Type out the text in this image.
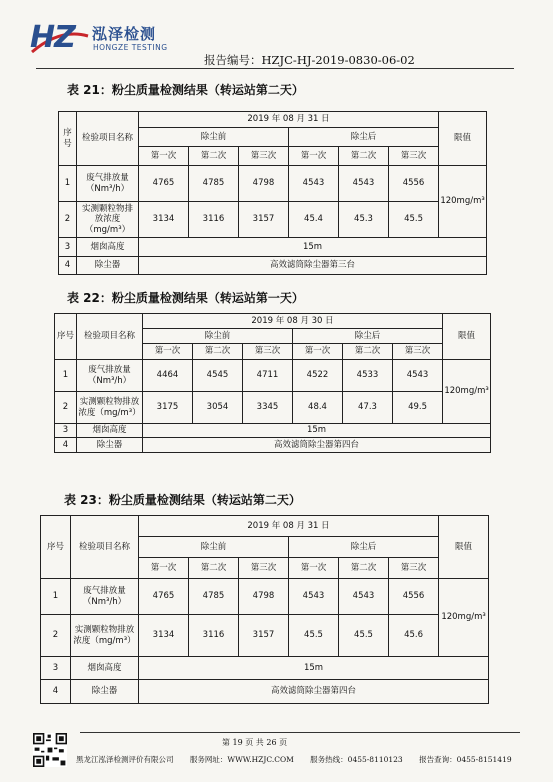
HZ	泓泽检测
HONGZE TESTING
报告编号：HZJC-HJ-2019-0830-06-02
表 21：粉尘质量检测结果（转运站第二天）
序号	检验项目名称	2019 年 08 月 31 日						限值
		除尘前			除尘后			
		第一次	第二次	第三次	第一次	第二次	第三次	
1	废气排放量（Nm³/h）	4765	4785	4798	4543	4543	4556	120mg/m³
2	实测颗粒物排放浓度（mg/m³）	3134	3116	3157	45.4	45.3	45.5	
3	烟囱高度	15m						
4	除尘器	高效滤筒除尘器第三台						
表 22：粉尘质量检测结果（转运站第一天）
序号	检验项目名称	2019 年 08 月 30 日						限值
		除尘前			除尘后			
		第一次	第二次	第三次	第一次	第二次	第三次	
1	废气排放量（Nm³/h）	4464	4545	4711	4522	4533	4543	120mg/m³
2	实测颗粒物排放浓度（mg/m³）	3175	3054	3345	48.4	47.3	49.5	
3	烟囱高度	15m						
4	除尘器	高效滤筒除尘器第四台						
表 23：粉尘质量检测结果（转运站第二天）
序号	检验项目名称	2019 年 08 月 31 日						限值
		除尘前			除尘后			
		第一次	第二次	第三次	第一次	第二次	第三次	
1	废气排放量（Nm³/h）	4765	4785	4798	4543	4543	4556	120mg/m³
2	实测颗粒物排放浓度（mg/m³）	3134	3116	3157	45.5	45.5	45.6	
3	烟囱高度	15m						
4	除尘器	高效滤筒除尘器第四台						
第 19 页 共 26 页
黑龙江泓泽检测评价有限公司 服务网址：WWW.HZJC.COM 服务热线：0455-8110123 报告查询：0455-8151419
